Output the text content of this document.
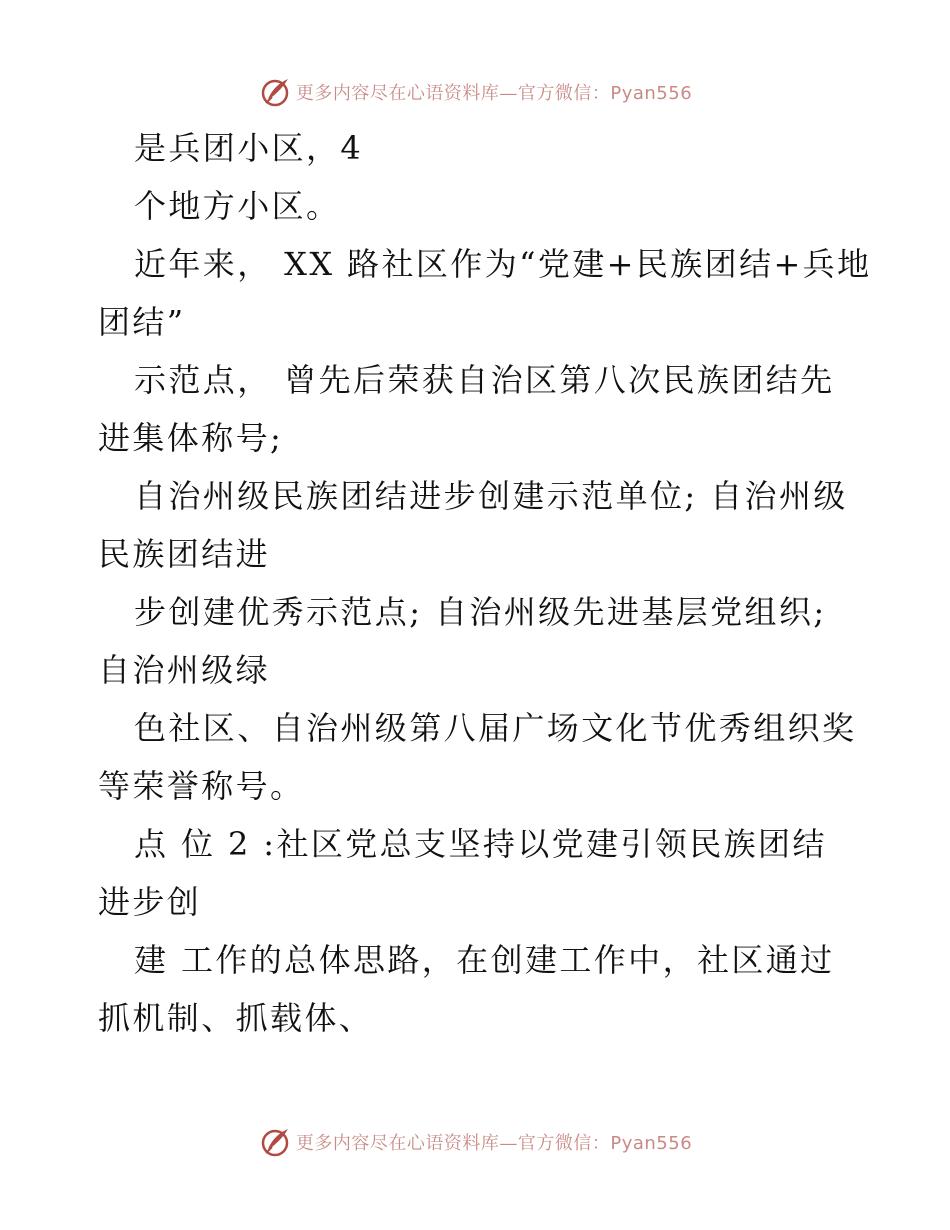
更多内容尽在心语资料库—官方微信：Pyan556
是兵团小区，4
个地方小区。
近年来， XX 路社区作为“党建+民族团结+兵地
团结”
示范点， 曾先后荣获自治区第八次民族团结先
进集体称号;
自治州级民族团结进步创建示范单位; 自治州级
民族团结进
步创建优秀示范点; 自治州级先进基层党组织;
自治州级绿
色社区、自治州级第八届广场文化节优秀组织奖
等荣誉称号。
点 位 2 :社区党总支坚持以党建引领民族团结
进步创
建 工作的总体思路，在创建工作中，社区通过
抓机制、抓载体、
更多内容尽在心语资料库—官方微信：Pyan556
